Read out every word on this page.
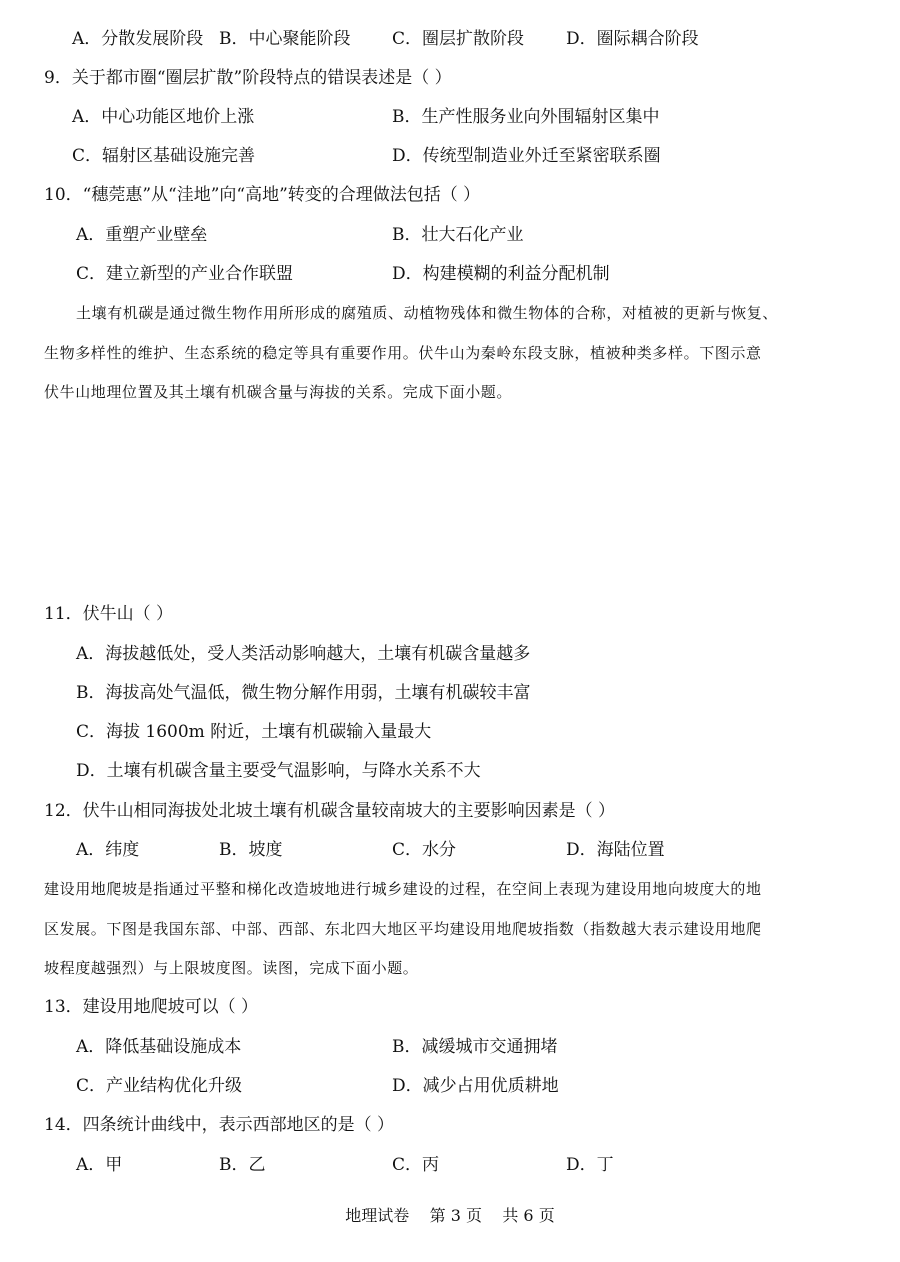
A．分散发展阶段 B．中心聚能阶段 C．圈层扩散阶段 D．圈际耦合阶段
9．关于都市圈“圈层扩散”阶段特点的错误表述是（ ）
A．中心功能区地价上涨	B．生产性服务业向外围辐射区集中
C．辐射区基础设施完善	D．传统型制造业外迁至紧密联系圈
10．“穗莞惠”从“洼地”向“高地”转变的合理做法包括（ ）
A．重塑产业壁垒	B．壮大石化产业
C．建立新型的产业合作联盟	D．构建模糊的利益分配机制
土壤有机碳是通过微生物作用所形成的腐殖质、动植物残体和微生物体的合称，对植被的更新与恢复、
生物多样性的维护、生态系统的稳定等具有重要作用。伏牛山为秦岭东段支脉，植被种类多样。下图示意
伏牛山地理位置及其土壤有机碳含量与海拔的关系。完成下面小题。
11．伏牛山（ ）
A．海拔越低处，受人类活动影响越大，土壤有机碳含量越多
B．海拔高处气温低，微生物分解作用弱，土壤有机碳较丰富
C．海拔 1600m 附近，土壤有机碳输入量最大
D．土壤有机碳含量主要受气温影响，与降水关系不大
12．伏牛山相同海拔处北坡土壤有机碳含量较南坡大的主要影响因素是（ ）
A．纬度	B．坡度	C．水分	D．海陆位置
建设用地爬坡是指通过平整和梯化改造坡地进行城乡建设的过程，在空间上表现为建设用地向坡度大的地
区发展。下图是我国东部、中部、西部、东北四大地区平均建设用地爬坡指数（指数越大表示建设用地爬
坡程度越强烈）与上限坡度图。读图，完成下面小题。
13．建设用地爬坡可以（ ）
A．降低基础设施成本	B．减缓城市交通拥堵
C．产业结构优化升级	D．减少占用优质耕地
14．四条统计曲线中，表示西部地区的是（ ）
A．甲	B．乙	C．丙	D．丁
地理试卷    第 3 页    共 6 页
